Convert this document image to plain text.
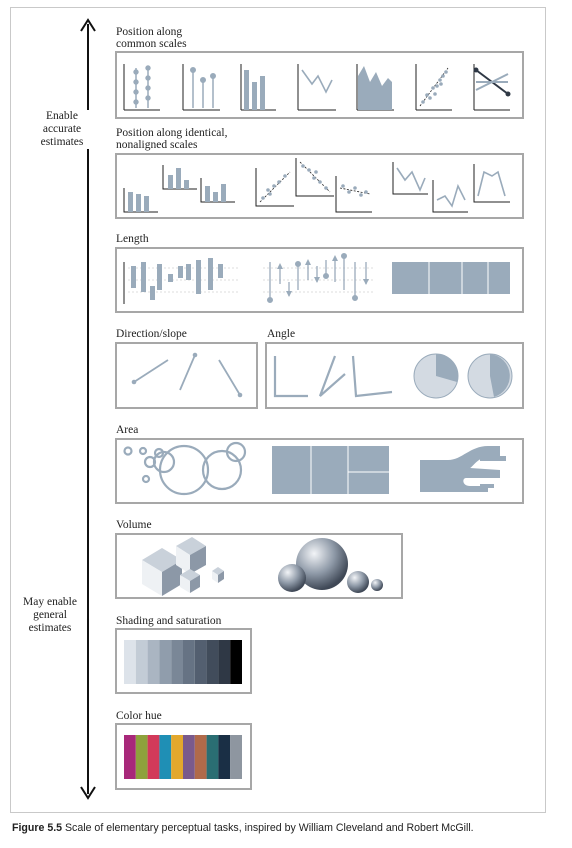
Enable
accurate
estimates
May enable
general
estimates
Position along
common scales
Position along identical,
nonaligned scales
Length
Direction/slope	Angle
Area
Volume
Shading and saturation
Color hue
Figure 5.5 Scale of elementary perceptual tasks, inspired by William Cleveland and Robert McGill.
